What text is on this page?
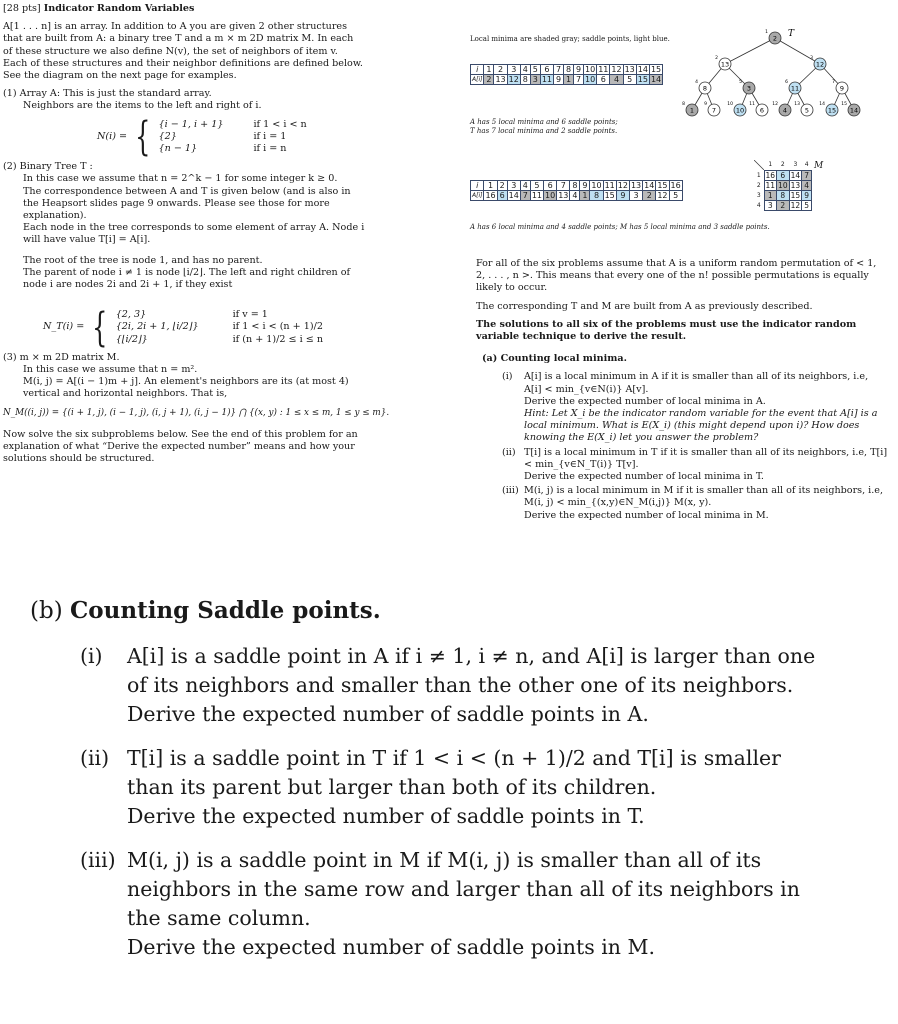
[28 pts] Indicator Random Variables
A[1 . . . n] is an array. In addition to A you are given 2 other structures that are built from A: a binary tree T and a m × m 2D matrix M. In each of these structure we also define N(v), the set of neighbors of item v. Each of these structures and their neighbor definitions are defined below. See the diagram on the next page for examples.
(1) Array A: This is just the standard array.
Neighbors are the items to the left and right of i.
N(i) = { {i − 1, i + 1}	if 1 < i < n
{2}	if i = 1
{n − 1}	if i = n
(2) Binary Tree T :
In this case we assume that n = 2^k − 1 for some integer k ≥ 0.
The correspondence between A and T is given below (and is also in the Heapsort slides page 9 onwards. Please see those for more explanation).
Each node in the tree corresponds to some element of array A. Node i will have value T[i] = A[i].
The root of the tree is node 1, and has no parent.
The parent of node i ≠ 1 is node ⌊i/2⌋. The left and right children of node i are nodes 2i and 2i + 1, if they exist
N_T(i) = { {2, 3}	if v = 1
{2i, 2i + 1, ⌊i/2⌋}	if 1 < i < (n + 1)/2
{⌊i/2⌋}	if (n + 1)/2 ≤ i ≤ n
(3) m × m 2D matrix M.
In this case we assume that n = m².
M(i, j) = A[(i − 1)m + j]. An element's neighbors are its (at most 4) vertical and horizontal neighbors. That is,
N_M((i, j)) = {(i + 1, j), (i − 1, j), (i, j + 1), (i, j − 1)} ⋂ {(x, y) : 1 ≤ x ≤ m, 1 ≤ y ≤ m}.
Now solve the six subproblems below. See the end of this problem for an explanation of what “Derive the expected number” means and how your solutions should be structured.
Local minima are shaded gray; saddle points, light blue.
i	1	2	3	4	5	6	7	8	9	10	11	12	13	14	15
A[i]	2	13	12	8	3	11	9	1	7	10	6	4	5	15	14
A has 5 local minima and 6 saddle points;
T has 7 local minima and 2 saddle points.
2
1
13
2
12
3
8
4
3
5
11
6
9
7
1
8
7
9
10
10
6
11
4
12
5
13
15
14
14
15
T
i	1	2	3	4	5	6	7	8	9	10	11	12	13	14	15	16
A[i]	16	6	14	7	11	10	13	4	1	8	15	9	3	2	12	5
A has 6 local minima and 4 saddle points; M has 5 local minima and 3 saddle points.
M
	1	2	3	4
1	16	6	14	7
2	11	10	13	4
3	1	8	15	9
4	3	2	12	5
For all of the six problems assume that A is a uniform random permutation of < 1, 2, . . . , n >. This means that every one of the n! possible permutations is equally likely to occur.
The corresponding T and M are built from A as previously described.
The solutions to all six of the problems must use the indicator random variable technique to derive the result.
(a) Counting local minima.
(i)	A[i] is a local minimum in A if it is smaller than all of its neighbors, i.e, A[i] < min_{v∈N(i)} A[v].
Derive the expected number of local minima in A.
Hint: Let X_i be the indicator random variable for the event that A[i] is a local minimum. What is E(X_i) (this might depend upon i)? How does knowing the E(X_i) let you answer the problem?
(ii) T[i] is a local minimum in T if it is smaller than all of its neighbors, i.e, T[i] < min_{v∈N_T(i)} T[v].
Derive the expected number of local minima in T.
(iii) M(i, j) is a local minimum in M if it is smaller than all of its neighbors, i.e, M(i, j) < min_{(x,y)∈N_M(i,j)} M(x, y).
Derive the expected number of local minima in M.
(b) Counting Saddle points.
(i) A[i] is a saddle point in A if i ≠ 1, i ≠ n, and A[i] is larger than one
of its neighbors and smaller than the other one of its neighbors.
Derive the expected number of saddle points in A.
(ii) T[i] is a saddle point in T if 1 < i < (n + 1)/2 and T[i] is smaller
than its parent but larger than both of its children.
Derive the expected number of saddle points in T.
(iii) M(i, j) is a saddle point in M if M(i, j) is smaller than all of its
neighbors in the same row and larger than all of its neighbors in
the same column.
Derive the expected number of saddle points in M.
